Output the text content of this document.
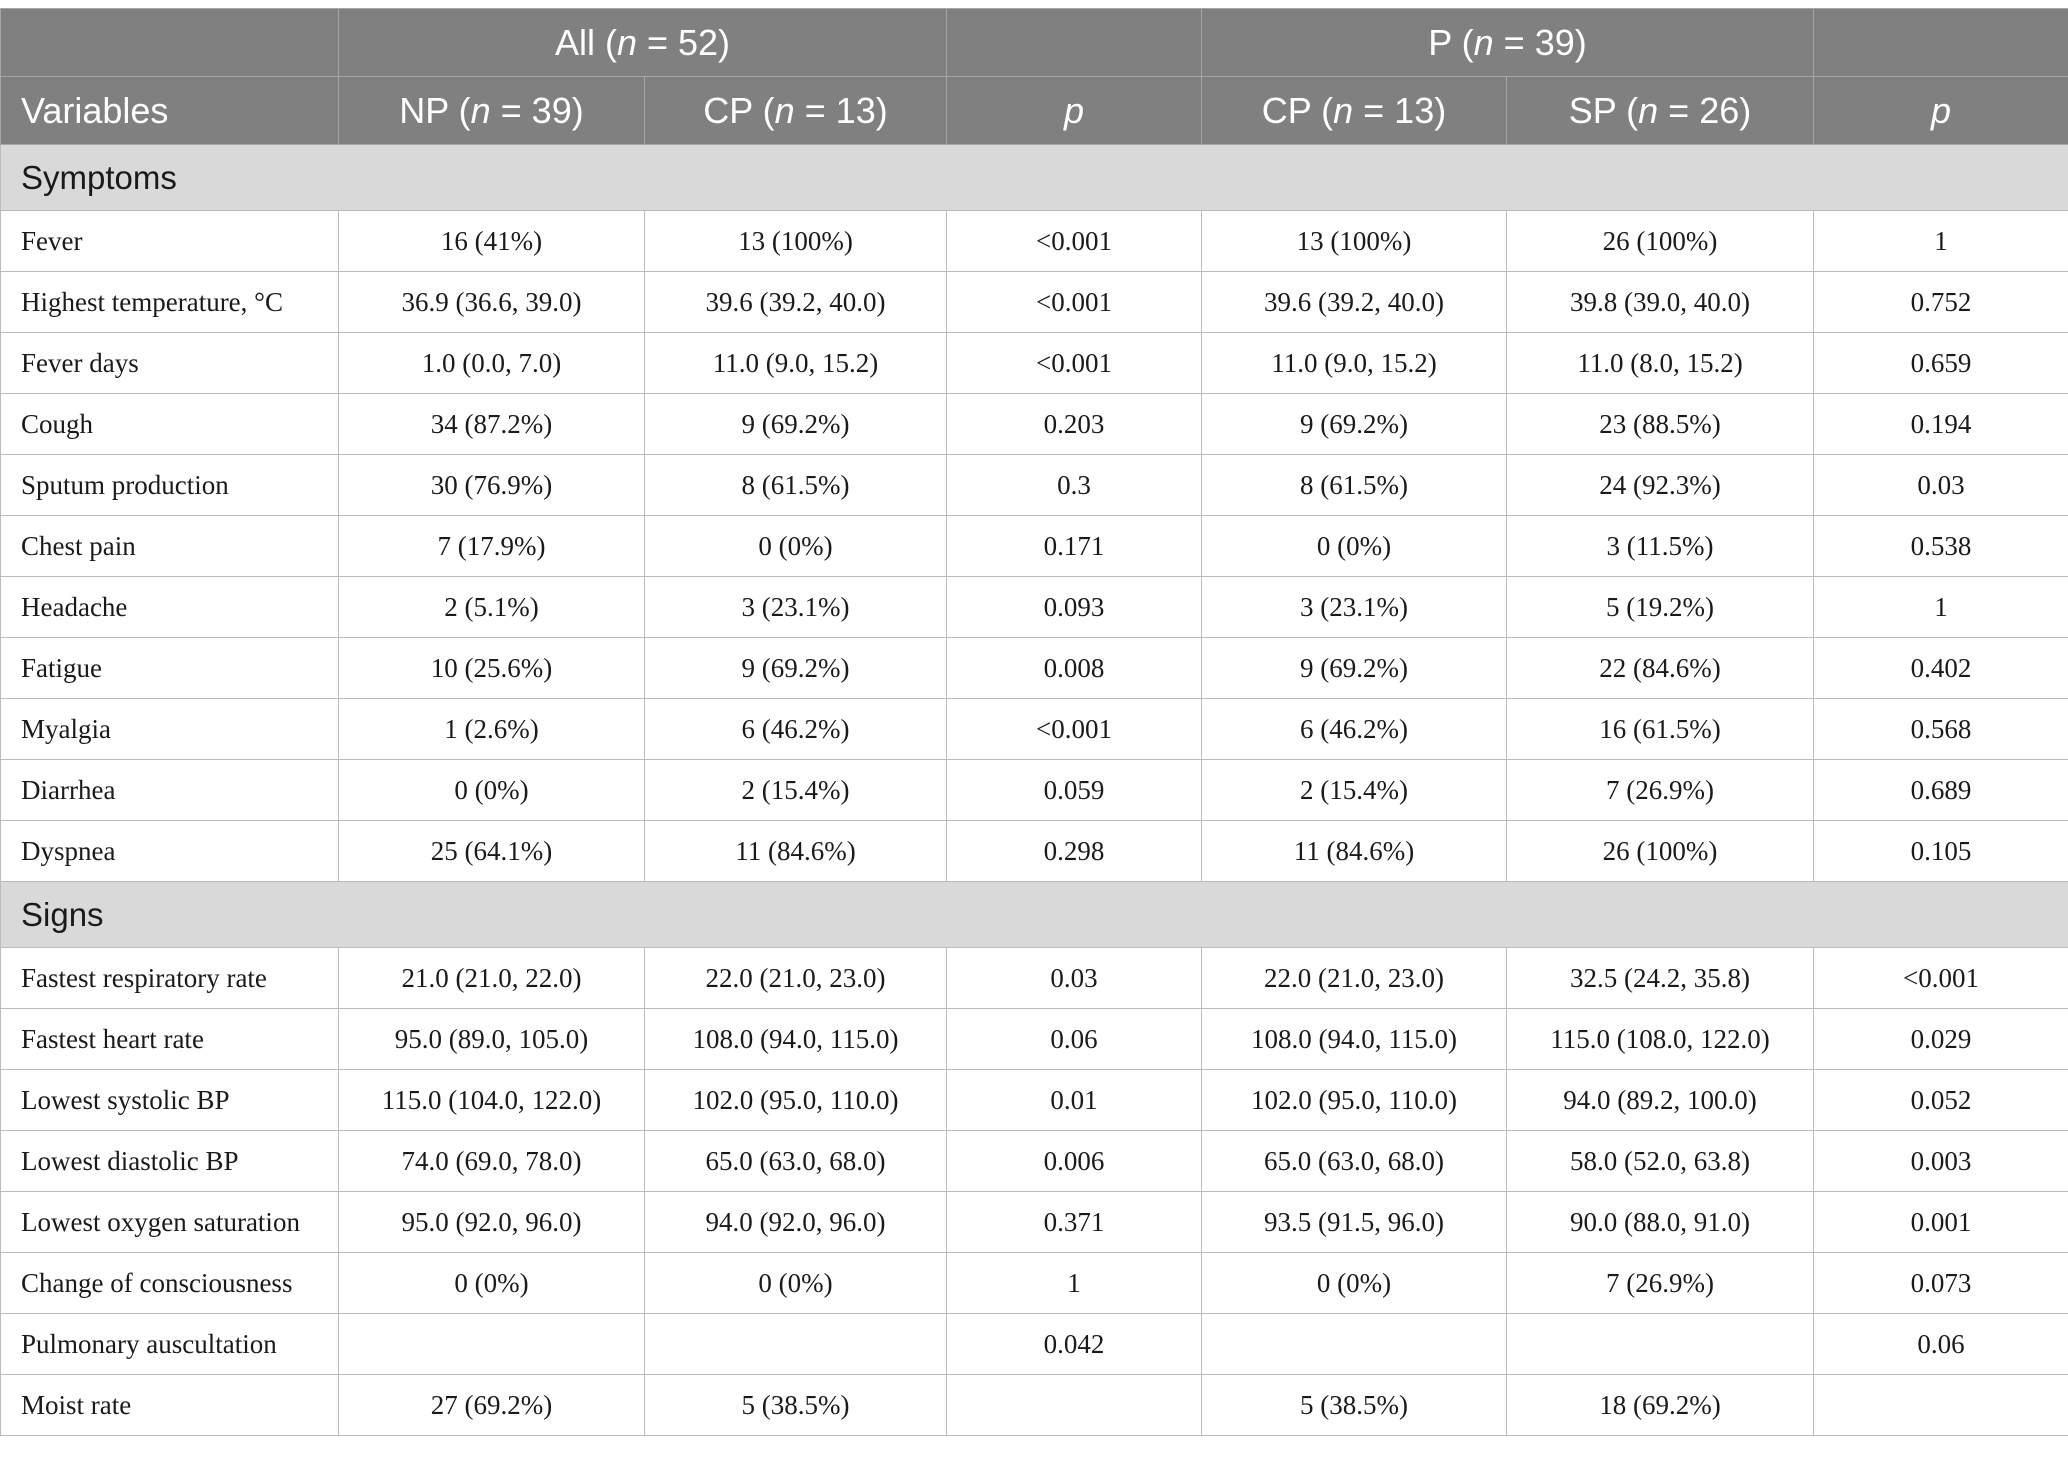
	All (n = 52)			P (n = 39)		
Variables	NP (n = 39)	CP (n = 13)	p	CP (n = 13)	SP (n = 26)	p
Symptoms						
Fever	16 (41%)	13 (100%)	<0.001	13 (100%)	26 (100%)	1
Highest temperature, °C	36.9 (36.6, 39.0)	39.6 (39.2, 40.0)	<0.001	39.6 (39.2, 40.0)	39.8 (39.0, 40.0)	0.752
Fever days	1.0 (0.0, 7.0)	11.0 (9.0, 15.2)	<0.001	11.0 (9.0, 15.2)	11.0 (8.0, 15.2)	0.659
Cough	34 (87.2%)	9 (69.2%)	0.203	9 (69.2%)	23 (88.5%)	0.194
Sputum production	30 (76.9%)	8 (61.5%)	0.3	8 (61.5%)	24 (92.3%)	0.03
Chest pain	7 (17.9%)	0 (0%)	0.171	0 (0%)	3 (11.5%)	0.538
Headache	2 (5.1%)	3 (23.1%)	0.093	3 (23.1%)	5 (19.2%)	1
Fatigue	10 (25.6%)	9 (69.2%)	0.008	9 (69.2%)	22 (84.6%)	0.402
Myalgia	1 (2.6%)	6 (46.2%)	<0.001	6 (46.2%)	16 (61.5%)	0.568
Diarrhea	0 (0%)	2 (15.4%)	0.059	2 (15.4%)	7 (26.9%)	0.689
Dyspnea	25 (64.1%)	11 (84.6%)	0.298	11 (84.6%)	26 (100%)	0.105
Signs						
Fastest respiratory rate	21.0 (21.0, 22.0)	22.0 (21.0, 23.0)	0.03	22.0 (21.0, 23.0)	32.5 (24.2, 35.8)	<0.001
Fastest heart rate	95.0 (89.0, 105.0)	108.0 (94.0, 115.0)	0.06	108.0 (94.0, 115.0)	115.0 (108.0, 122.0)	0.029
Lowest systolic BP	115.0 (104.0, 122.0)	102.0 (95.0, 110.0)	0.01	102.0 (95.0, 110.0)	94.0 (89.2, 100.0)	0.052
Lowest diastolic BP	74.0 (69.0, 78.0)	65.0 (63.0, 68.0)	0.006	65.0 (63.0, 68.0)	58.0 (52.0, 63.8)	0.003
Lowest oxygen saturation	95.0 (92.0, 96.0)	94.0 (92.0, 96.0)	0.371	93.5 (91.5, 96.0)	90.0 (88.0, 91.0)	0.001
Change of consciousness	0 (0%)	0 (0%)	1	0 (0%)	7 (26.9%)	0.073
Pulmonary auscultation			0.042			0.06
Moist rate	27 (69.2%)	5 (38.5%)		5 (38.5%)	18 (69.2%)	
